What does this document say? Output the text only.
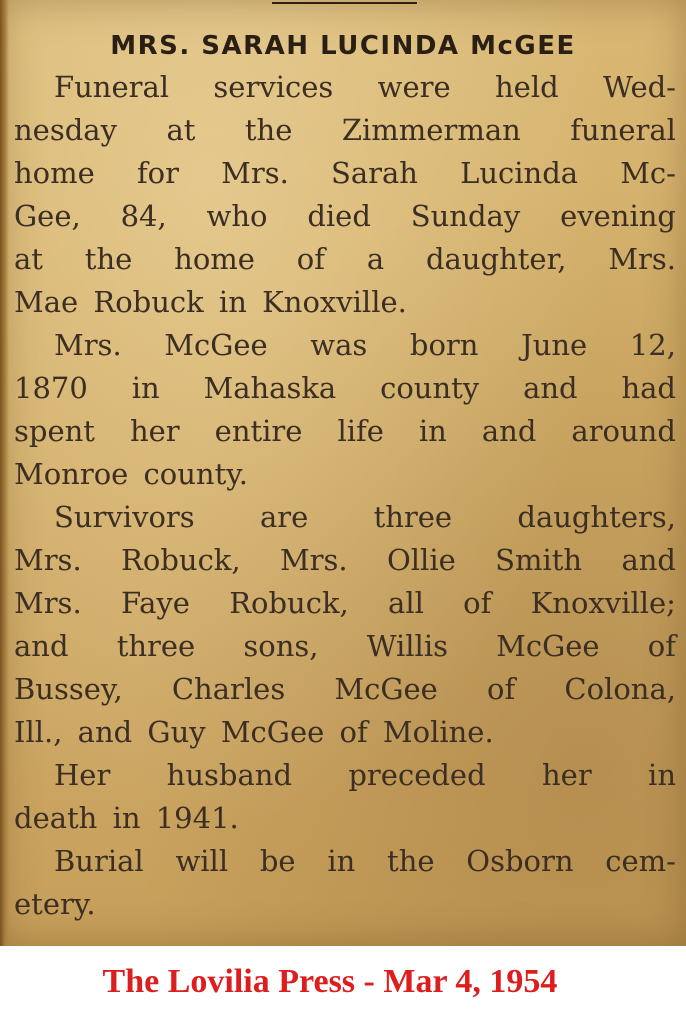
MRS. SARAH LUCINDA McGEE
Funeral services were held Wed-
nesday at the Zimmerman funeral
home for Mrs. Sarah Lucinda Mc-
Gee, 84, who died Sunday evening
at the home of a daughter, Mrs.
Mae Robuck in Knoxville.
Mrs. McGee was born June 12,
1870 in Mahaska county and had
spent her entire life in and around
Monroe county.
Survivors are three daughters,
Mrs. Robuck, Mrs. Ollie Smith and
Mrs. Faye Robuck, all of Knoxville;
and three sons, Willis McGee of
Bussey, Charles McGee of Colona,
Ill., and Guy McGee of Moline.
Her husband preceded her in
death in 1941.
Burial will be in the Osborn cem-
etery.
The Lovilia Press - Mar 4, 1954
